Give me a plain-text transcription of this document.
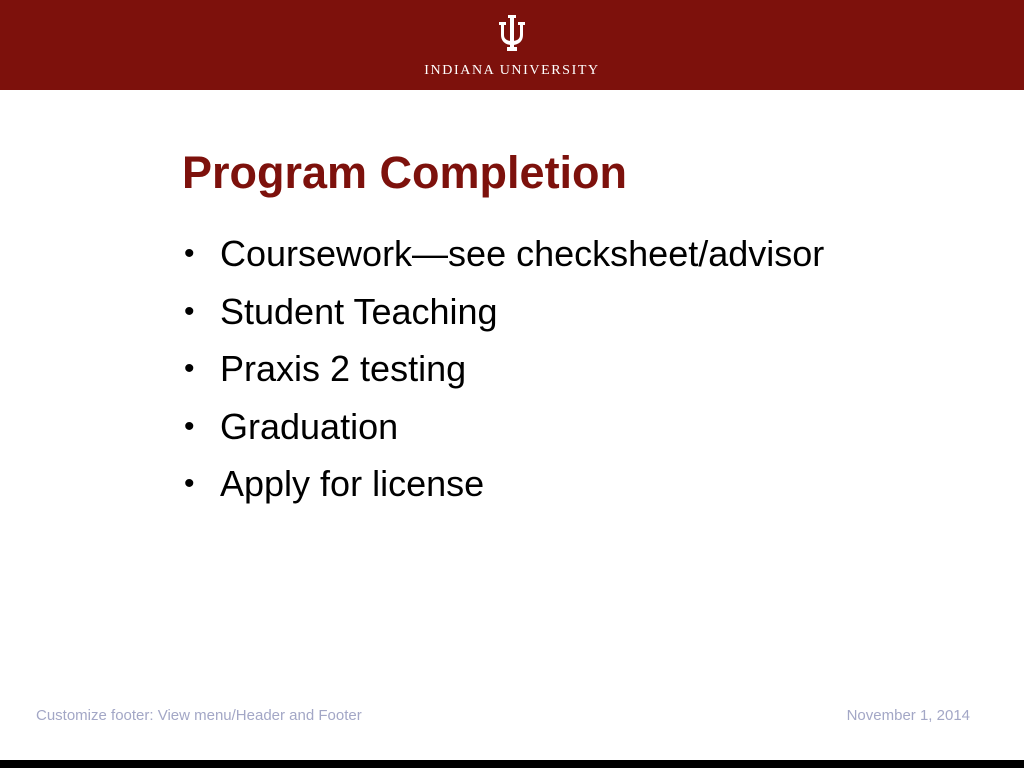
INDIANA UNIVERSITY
Program Completion
• Coursework—see checksheet/advisor
• Student Teaching
• Praxis 2 testing
• Graduation
• Apply for license
Customize footer: View menu/Header and Footer	November 1, 2014
